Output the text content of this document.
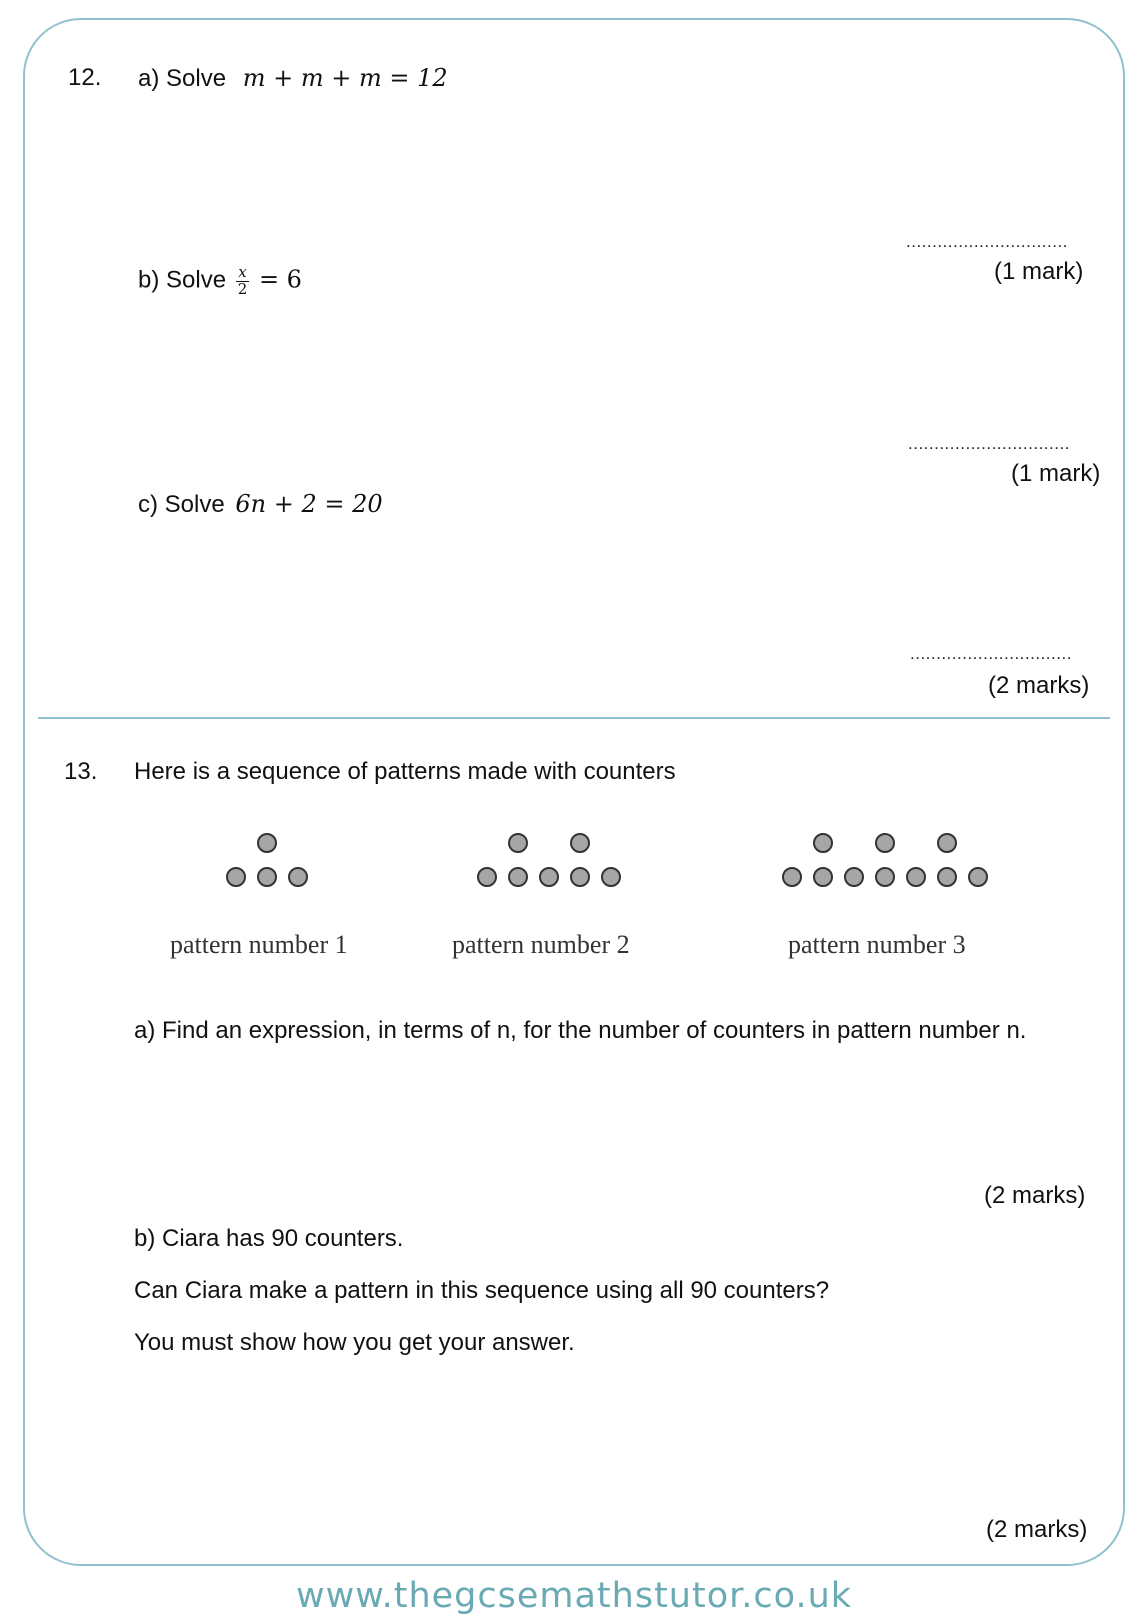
12. a) Solve m + m + m = 12
...............................
(1 mark)
b) Solve $\frac{x}{2} = 6$
...............................
(1 mark)
c) Solve 6n + 2 = 20
...............................
(2 marks)
13. Here is a sequence of patterns made with counters
pattern number 1	pattern number 2	pattern number 3
a) Find an expression, in terms of n, for the number of counters in pattern number n.
(2 marks)
b) Ciara has 90 counters.
Can Ciara make a pattern in this sequence using all 90 counters?
You must show how you get your answer.
(2 marks)
www.thegcsemathstutor.co.uk
